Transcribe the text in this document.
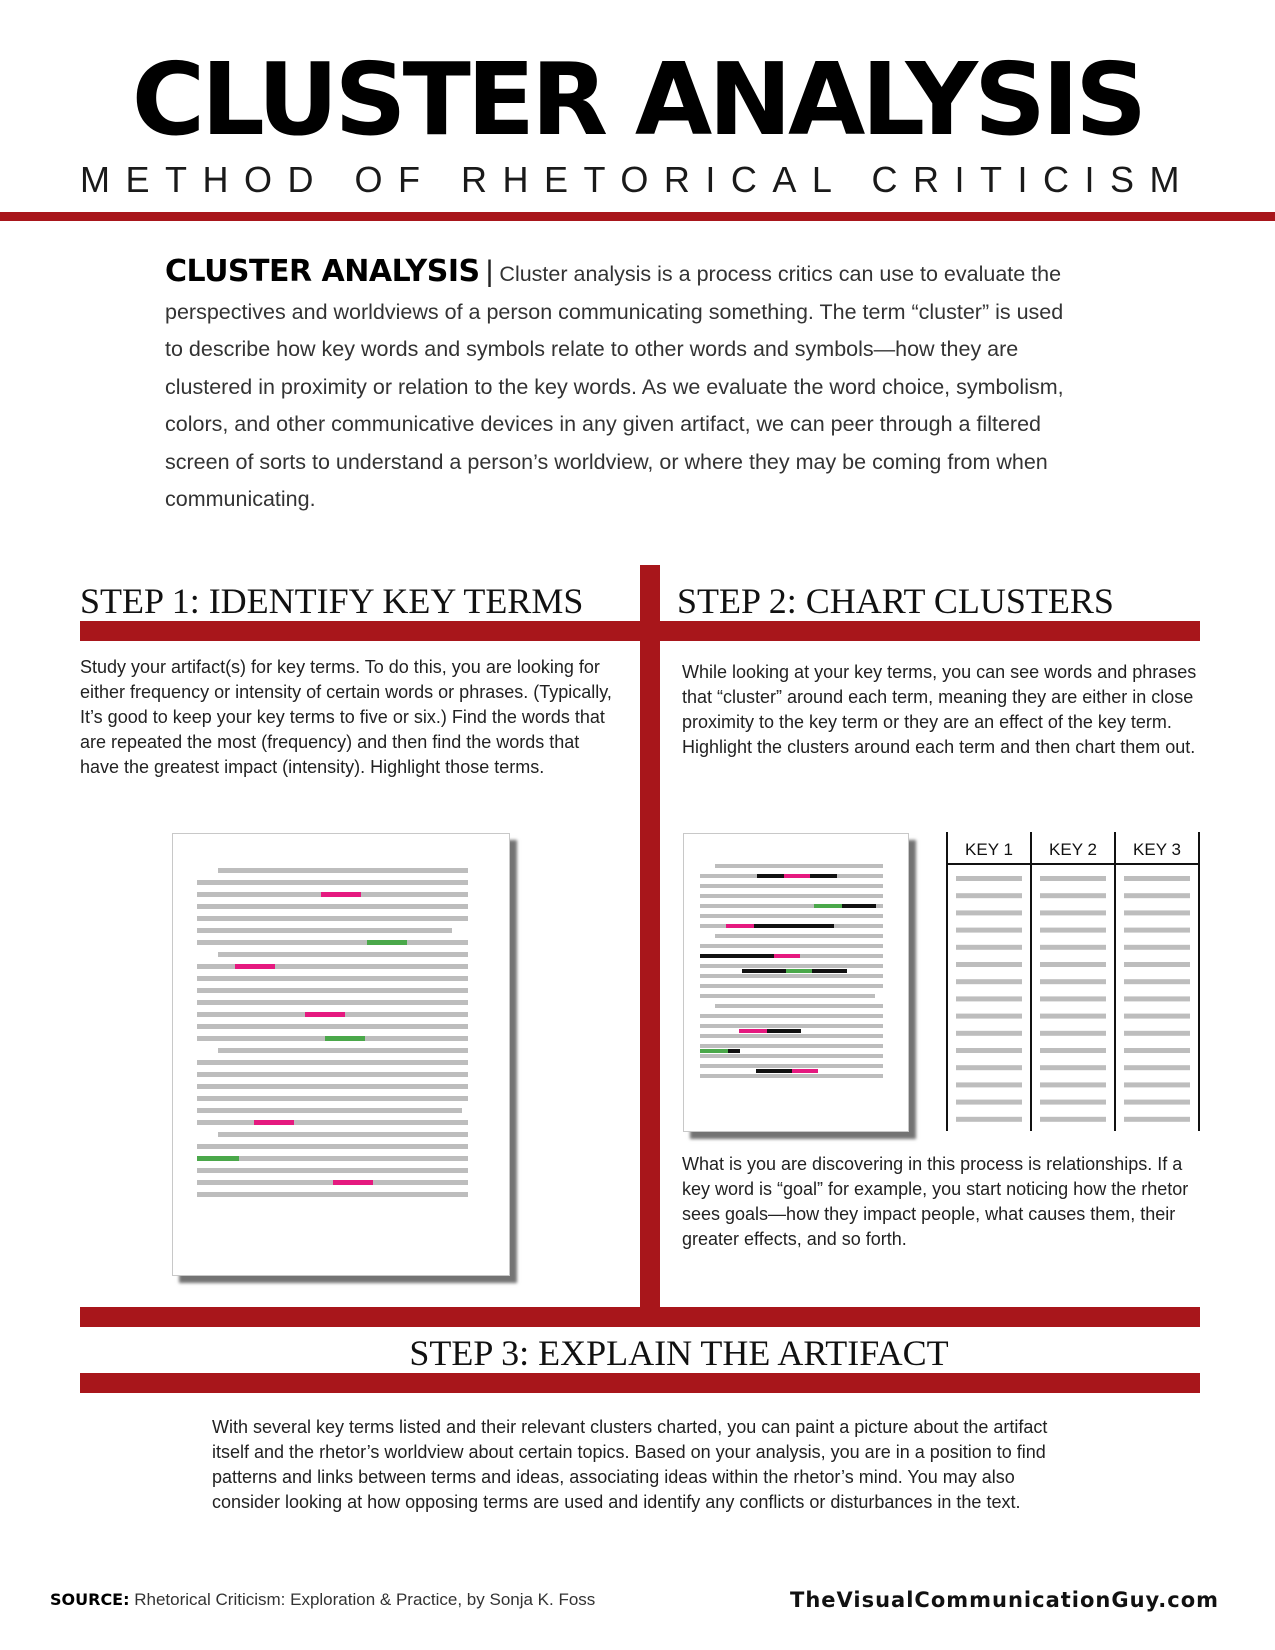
CLUSTER ANALYSIS
METHOD OF RHETORICAL CRITICISM
CLUSTER ANALYSIS | Cluster analysis is a process critics can use to evaluate the perspectives and worldviews of a person communicating something. The term “cluster” is used to describe how key words and symbols relate to other words and symbols—how they are clustered in proximity or relation to the key words. As we evaluate the word choice, symbolism, colors, and other communicative devices in any given artifact, we can peer through a filtered screen of sorts to understand a person’s worldview, or where they may be coming from when communicating.
STEP 1: IDENTIFY KEY TERMS	STEP 2: CHART CLUSTERS
Study your artifact(s) for key terms. To do this, you are looking for either frequency or intensity of certain words or phrases. (Typically, It’s good to keep your key terms to five or six.) Find the words that are repeated the most (frequency) and then find the words that have the greatest impact (intensity). Highlight those terms.
While looking at your key terms, you can see words and phrases that “cluster” around each term, meaning they are either in close proximity to the key term or they are an effect of the key term. Highlight the clusters around each term and then chart them out.
KEY 1	KEY 2	KEY 3
What is you are discovering in this process is relationships. If a key word is “goal” for example, you start noticing how the rhetor sees goals—how they impact people, what causes them, their greater effects, and so forth.
STEP 3: EXPLAIN THE ARTIFACT
With several key terms listed and their relevant clusters charted, you can paint a picture about the artifact itself and the rhetor’s worldview about certain topics. Based on your analysis, you are in a position to find patterns and links between terms and ideas, associating ideas within the rhetor’s mind. You may also consider looking at how opposing terms are used and identify any conflicts or disturbances in the text.
SOURCE: Rhetorical Criticism: Exploration & Practice, by Sonja K. Foss	TheVisualCommunicationGuy.com
